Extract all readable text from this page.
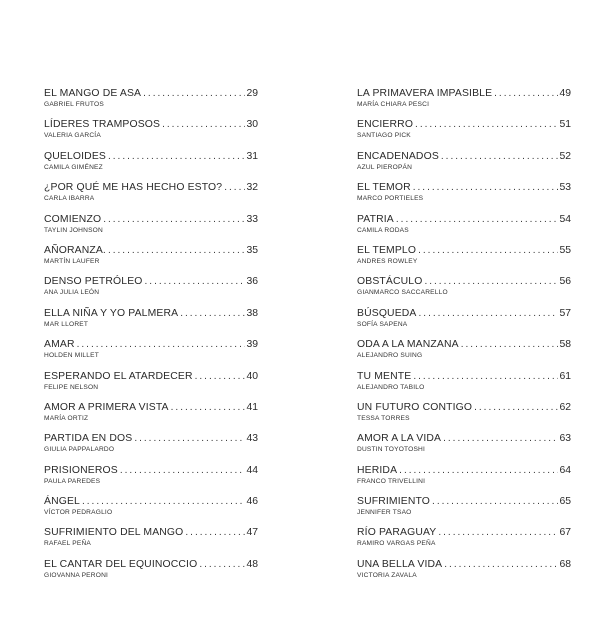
EL MANGO DE ASA .....	29
GABRIEL FRUTOS
LÍDERES TRAMPOSOS .....	30
VALERIA GARCÍA
QUELOIDES .....	31
CAMILA GIMÉNEZ
¿POR QUÉ ME HAS HECHO ESTO? ..... 32
CARLA IBARRA
COMIENZO .....	33
TAYLIN JOHNSON
AÑORANZA. .....	35
MARTÍN LAUFER
DENSO PETRÓLEO .....	36
ANA JULIA LEÓN
ELLA NIÑA Y YO PALMERA .....	38
MAR LLORET
AMAR .....	39
HOLDEN MILLET
ESPERANDO EL ATARDECER .....	40
FELIPE NELSON
AMOR A PRIMERA VISTA .....	41
MARÍA ORTIZ
PARTIDA EN DOS .....	43
GIULIA PAPPALARDO
PRISIONEROS .....	44
PAULA PAREDES
ÁNGEL .....	46
VÍCTOR PEDRAGLIO
SUFRIMIENTO DEL MANGO .....	47
RAFAEL PEÑA
EL CANTAR DEL EQUINOCCIO .....	48
GIOVANNA PERONI
LA PRIMAVERA IMPASIBLE .....	49
MARÍA CHIARA PESCI
ENCIERRO .....	51
SANTIAGO PICK
ENCADENADOS .....	52
AZUL PIEROPÁN
EL TEMOR .....	53
MARCO PORTIELES
PATRIA .....	54
CAMILA RODAS
EL TEMPLO .....	55
ANDRES ROWLEY
OBSTÁCULO .....	56
GIANMARCO SACCARELLO
BÚSQUEDA .....	57
SOFÍA SAPENA
ODA A LA MANZANA .....	58
ALEJANDRO SUING
TU MENTE .....	61
ALEJANDRO TABILO
UN FUTURO CONTIGO .....	62
TESSA TORRES
AMOR A LA VIDA .....	63
DUSTIN TOYOTOSHI
HERIDA .....	64
FRANCO TRIVELLINI
SUFRIMIENTO .....	65
JENNIFER TSAO
RÍO PARAGUAY .....	67
RAMIRO VARGAS PEÑA
UNA BELLA VIDA .....	68
VICTORIA ZAVALA
